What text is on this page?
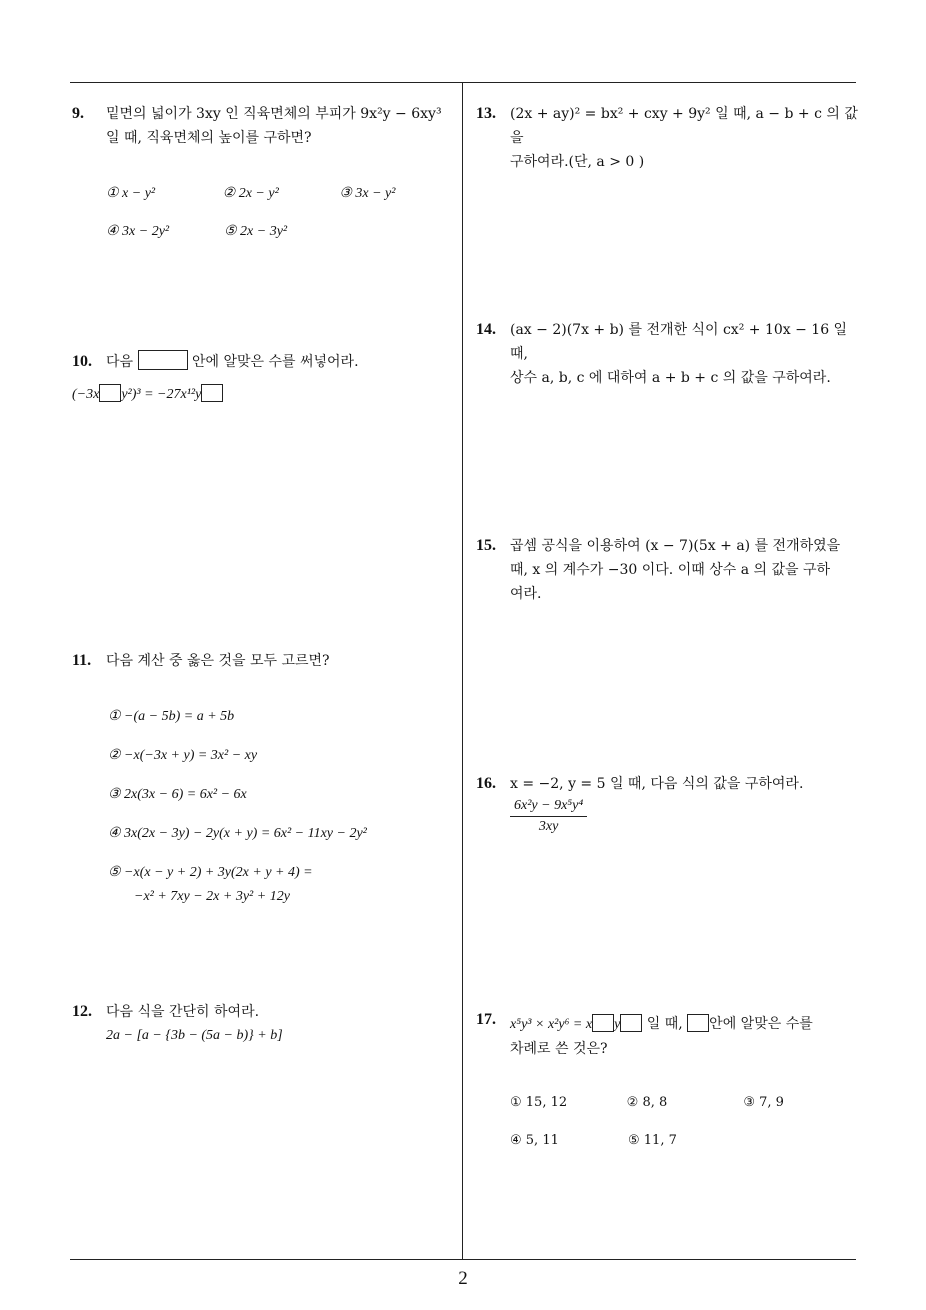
2
9. 밑면의 넓이가 3xy 인 직육면체의 부피가 9x²y − 6xy³
일 때, 직육면체의 높이를 구하면?
① x − y²	② 2x − y²	③ 3x − y²
④ 3x − 2y²	⑤ 2x − 3y²
10. 다음	안에 알맞은 수를 써넣어라.
(−3x y²)³ = −27x¹²y
11. 다음 계산 중 옳은 것을 모두 고르면?
① −(a − 5b) = a + 5b
② −x(−3x + y) = 3x² − xy
③ 2x(3x − 6) = 6x² − 6x
④ 3x(2x − 3y) − 2y(x + y) = 6x² − 11xy − 2y²
⑤ −x(x − y + 2) + 3y(2x + y + 4) =
−x² + 7xy − 2x + 3y² + 12y
12. 다음 식을 간단히 하여라.
2a − [a − {3b − (5a − b)} + b]
13. (2x + ay)² = bx² + cxy + 9y² 일 때, a − b + c 의 값을
구하여라.(단, a > 0 )
14. (ax − 2)(7x + b) 를 전개한 식이 cx² + 10x − 16 일 때,
상수 a, b, c 에 대하여 a + b + c 의 값을 구하여라.
15. 곱셈 공식을 이용하여 (x − 7)(5x + a) 를 전개하였을
때, x 의 계수가 −30 이다. 이때 상수 a 의 값을 구하
여라.
16. x = −2, y = 5 일 때, 다음 식의 값을 구하여라.
$\frac{\text{6x²y − 9x⁵y⁴}}{3xy}$
17. x⁵y³ × x²y⁶ = x y 일 때, 안에 알맞은 수를
차례로 쓴 것은?
① 15, 12	② 8, 8	③ 7, 9
④ 5, 11	⑤ 11, 7
